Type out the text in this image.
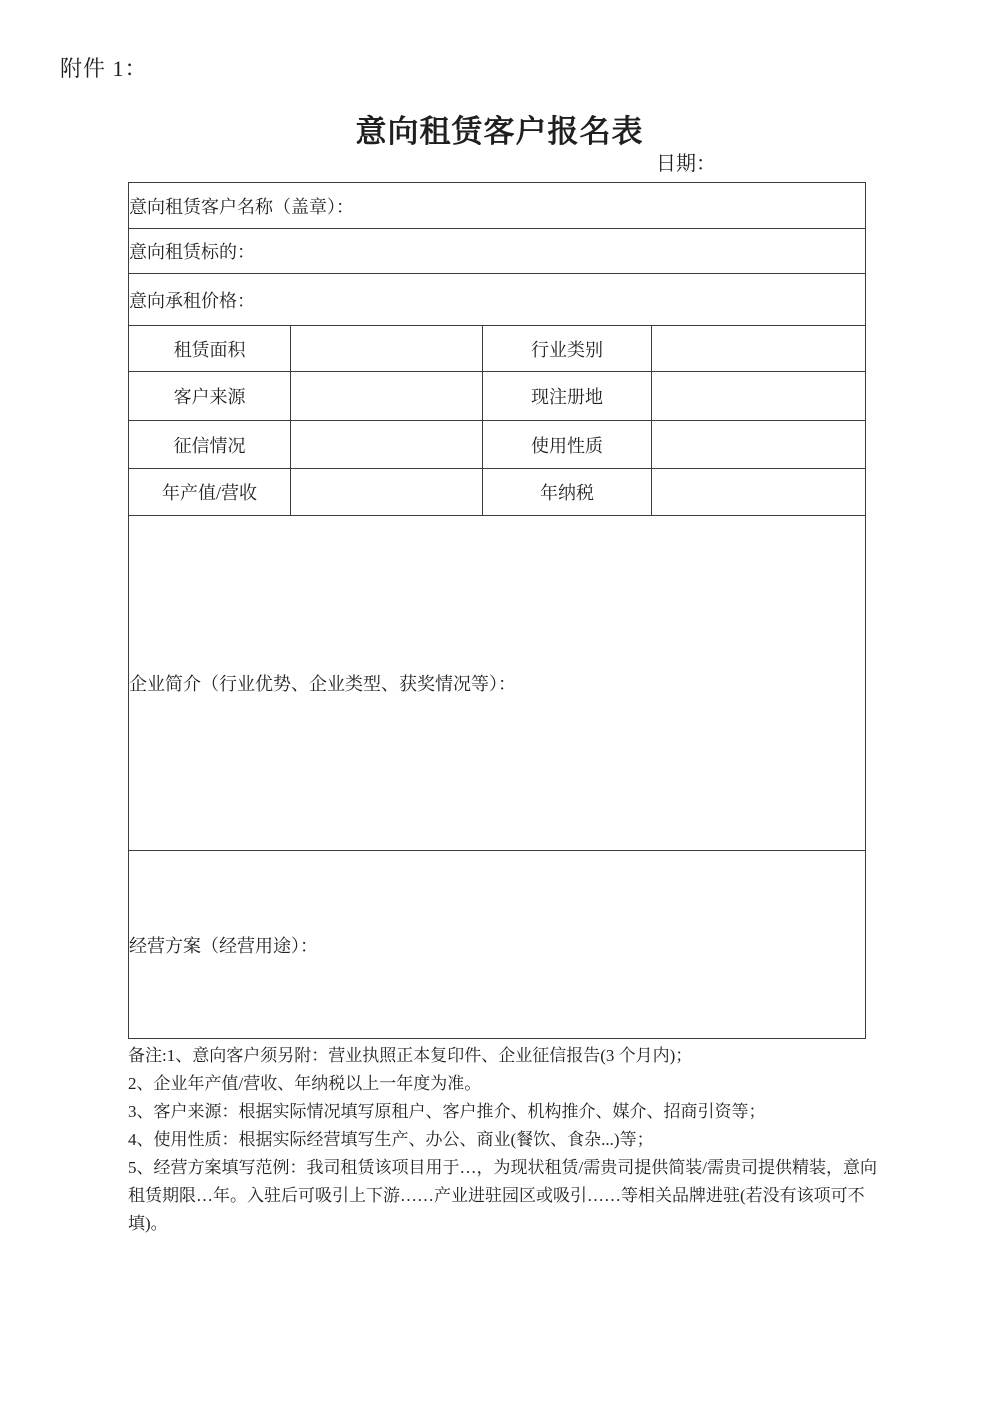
附件 1：
意向租赁客户报名表
日期：
意向租赁客户名称（盖章）：			
意向租赁标的：			
意向承租价格：			
租赁面积		行业类别	
客户来源		现注册地	
征信情况		使用性质	
年产值/营收		年纳税	
企业简介（行业优势、企业类型、获奖情况等）：			
经营方案（经营用途）：			

备注:1、意向客户须另附：营业执照正本复印件、企业征信报告(3 个月内)；

2、企业年产值/营收、年纳税以上一年度为准。

3、客户来源：根据实际情况填写原租户、客户推介、机构推介、媒介、招商引资等；

4、使用性质：根据实际经营填写生产、办公、商业(餐饮、食杂...)等；

5、经营方案填写范例：我司租赁该项目用于…，为现状租赁/需贵司提供简装/需贵司提供精装，意向租赁期限…年。入驻后可吸引上下游……产业进驻园区或吸引……等相关品牌进驻(若没有该项可不填)。
